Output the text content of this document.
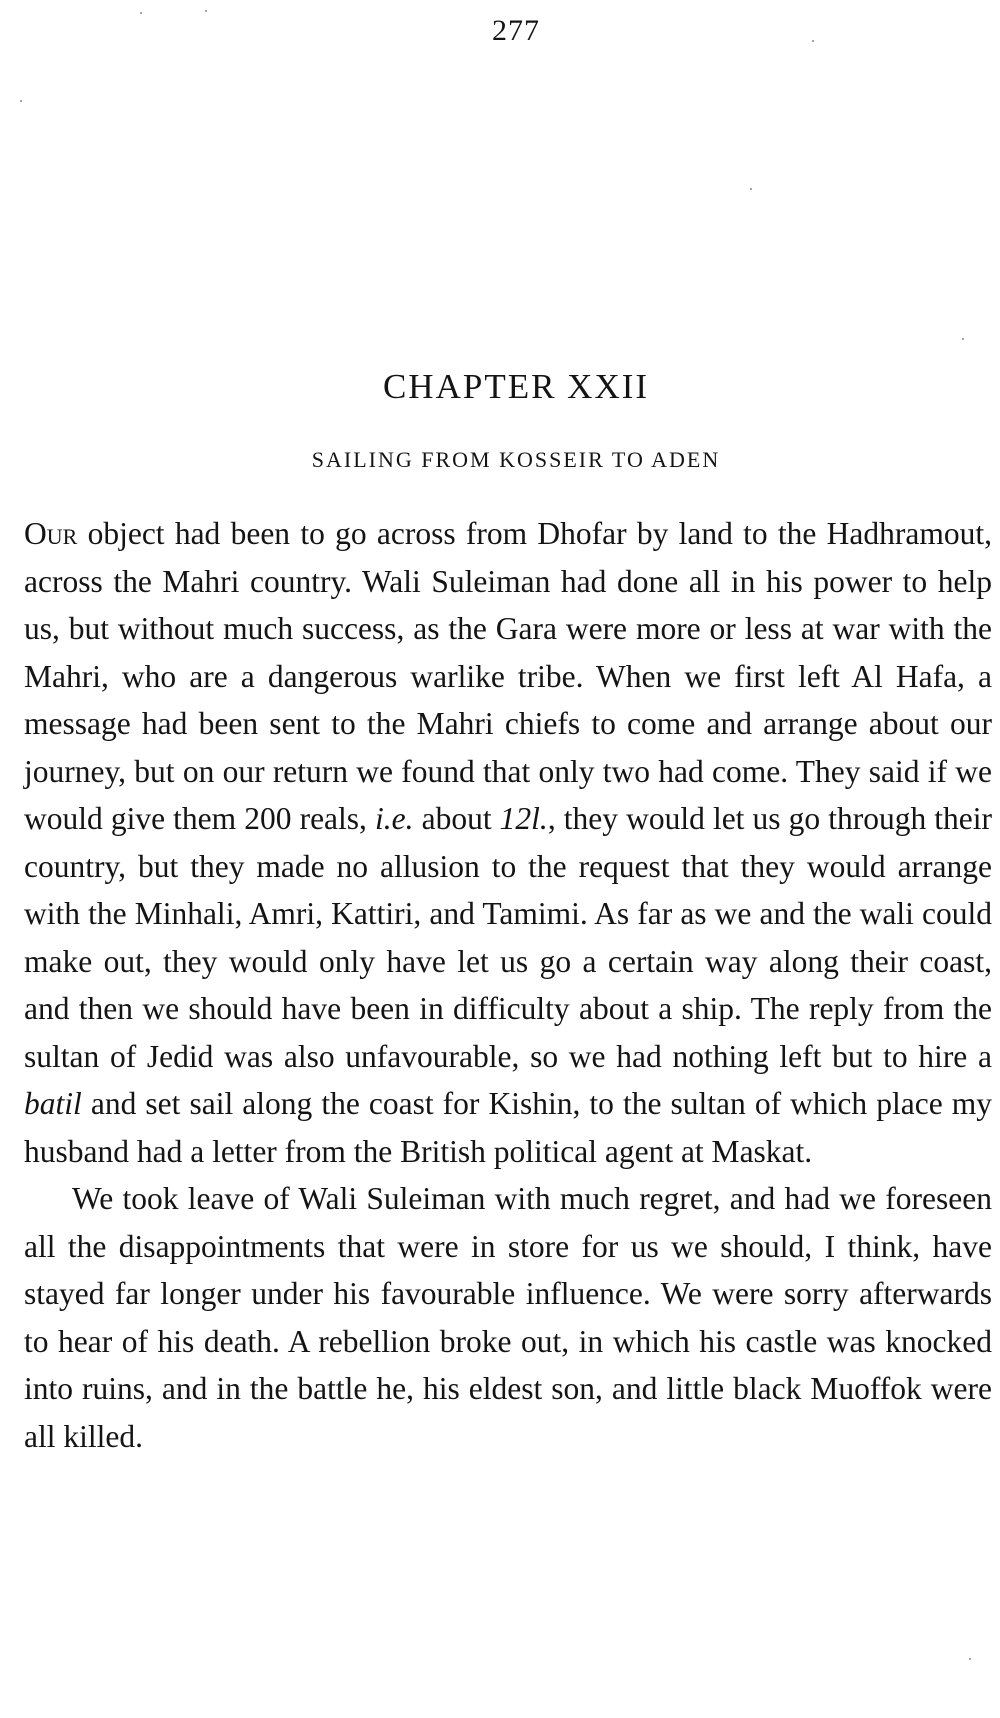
277
CHAPTER XXII
SAILING FROM KOSSEIR TO ADEN

Our object had been to go across from Dhofar by land to the Hadhramout, across the Mahri country. Wali Suleiman had done all in his power to help us, but without much success, as the Gara were more or less at war with the Mahri, who are a dangerous warlike tribe. When we first left Al Hafa, a message had been sent to the Mahri chiefs to come and arrange about our journey, but on our return we found that only two had come. They said if we would give them 200 reals, i.e. about 12l., they would let us go through their country, but they made no allusion to the request that they would arrange with the Minhali, Amri, Kattiri, and Tamimi. As far as we and the wali could make out, they would only have let us go a certain way along their coast, and then we should have been in difficulty about a ship. The reply from the sultan of Jedid was also unfavourable, so we had nothing left but to hire a batil and set sail along the coast for Kishin, to the sultan of which place my husband had a letter from the British political agent at Maskat.

We took leave of Wali Suleiman with much regret, and had we foreseen all the disappointments that were in store for us we should, I think, have stayed far longer under his favourable influence. We were sorry afterwards to hear of his death. A rebellion broke out, in which his castle was knocked into ruins, and in the battle he, his eldest son, and little black Muoffok were all killed.
